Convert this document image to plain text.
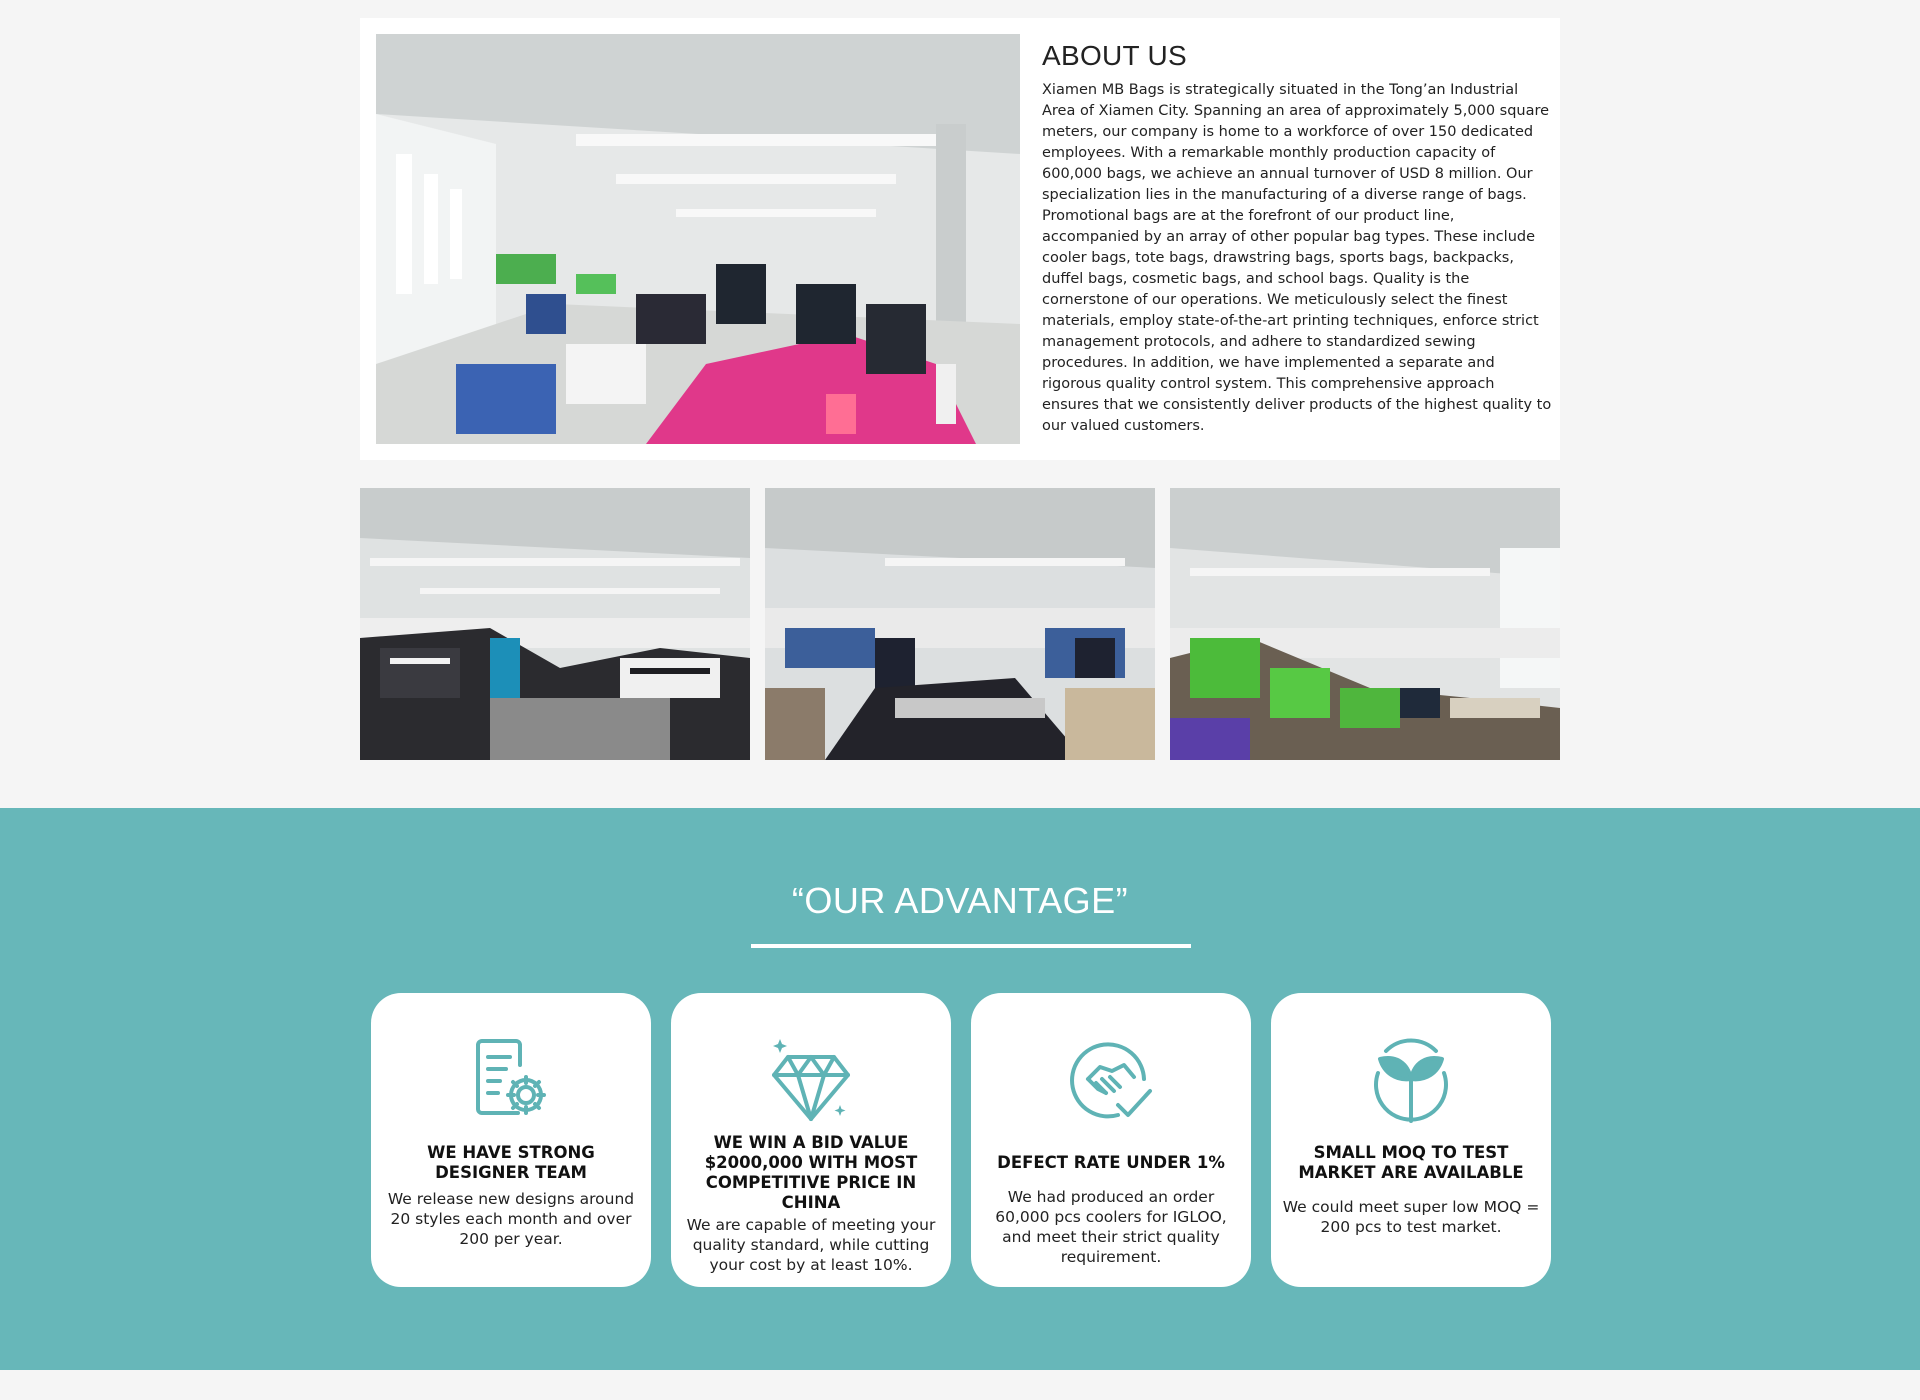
ABOUT US

Xiamen MB Bags is strategically situated in the Tong’an Industrial Area of Xiamen City. Spanning an area of approximately 5,000 square meters, our company is home to a workforce of over 150 dedicated employees. With a remarkable monthly production capacity of 600,000 bags, we achieve an annual turnover of USD 8 million. Our specialization lies in the manufacturing of a diverse range of bags. Promotional bags are at the forefront of our product line, accompanied by an array of other popular bag types. These include cooler bags, tote bags, drawstring bags, sports bags, backpacks, duffel bags, cosmetic bags, and school bags. Quality is the cornerstone of our operations. We meticulously select the finest materials, employ state-of-the-art printing techniques, enforce strict management protocols, and adhere to standardized sewing procedures. In addition, we have implemented a separate and rigorous quality control system. This comprehensive approach ensures that we consistently deliver products of the highest quality to our valued customers.

“OUR ADVANTAGE”
WE HAVE STRONG DESIGNER TEAM
We release new designs around 20 styles each month and over 200 per year.
WE WIN A BID VALUE $2000,000 WITH MOST COMPETITIVE PRICE IN CHINA
We are capable of meeting your quality standard, while cutting your cost by at least 10%.
DEFECT RATE UNDER 1%
We had produced an order 60,000 pcs coolers for IGLOO, and meet their strict quality requirement.
SMALL MOQ TO TEST MARKET ARE AVAILABLE
We could meet super low MOQ = 200 pcs to test market.
